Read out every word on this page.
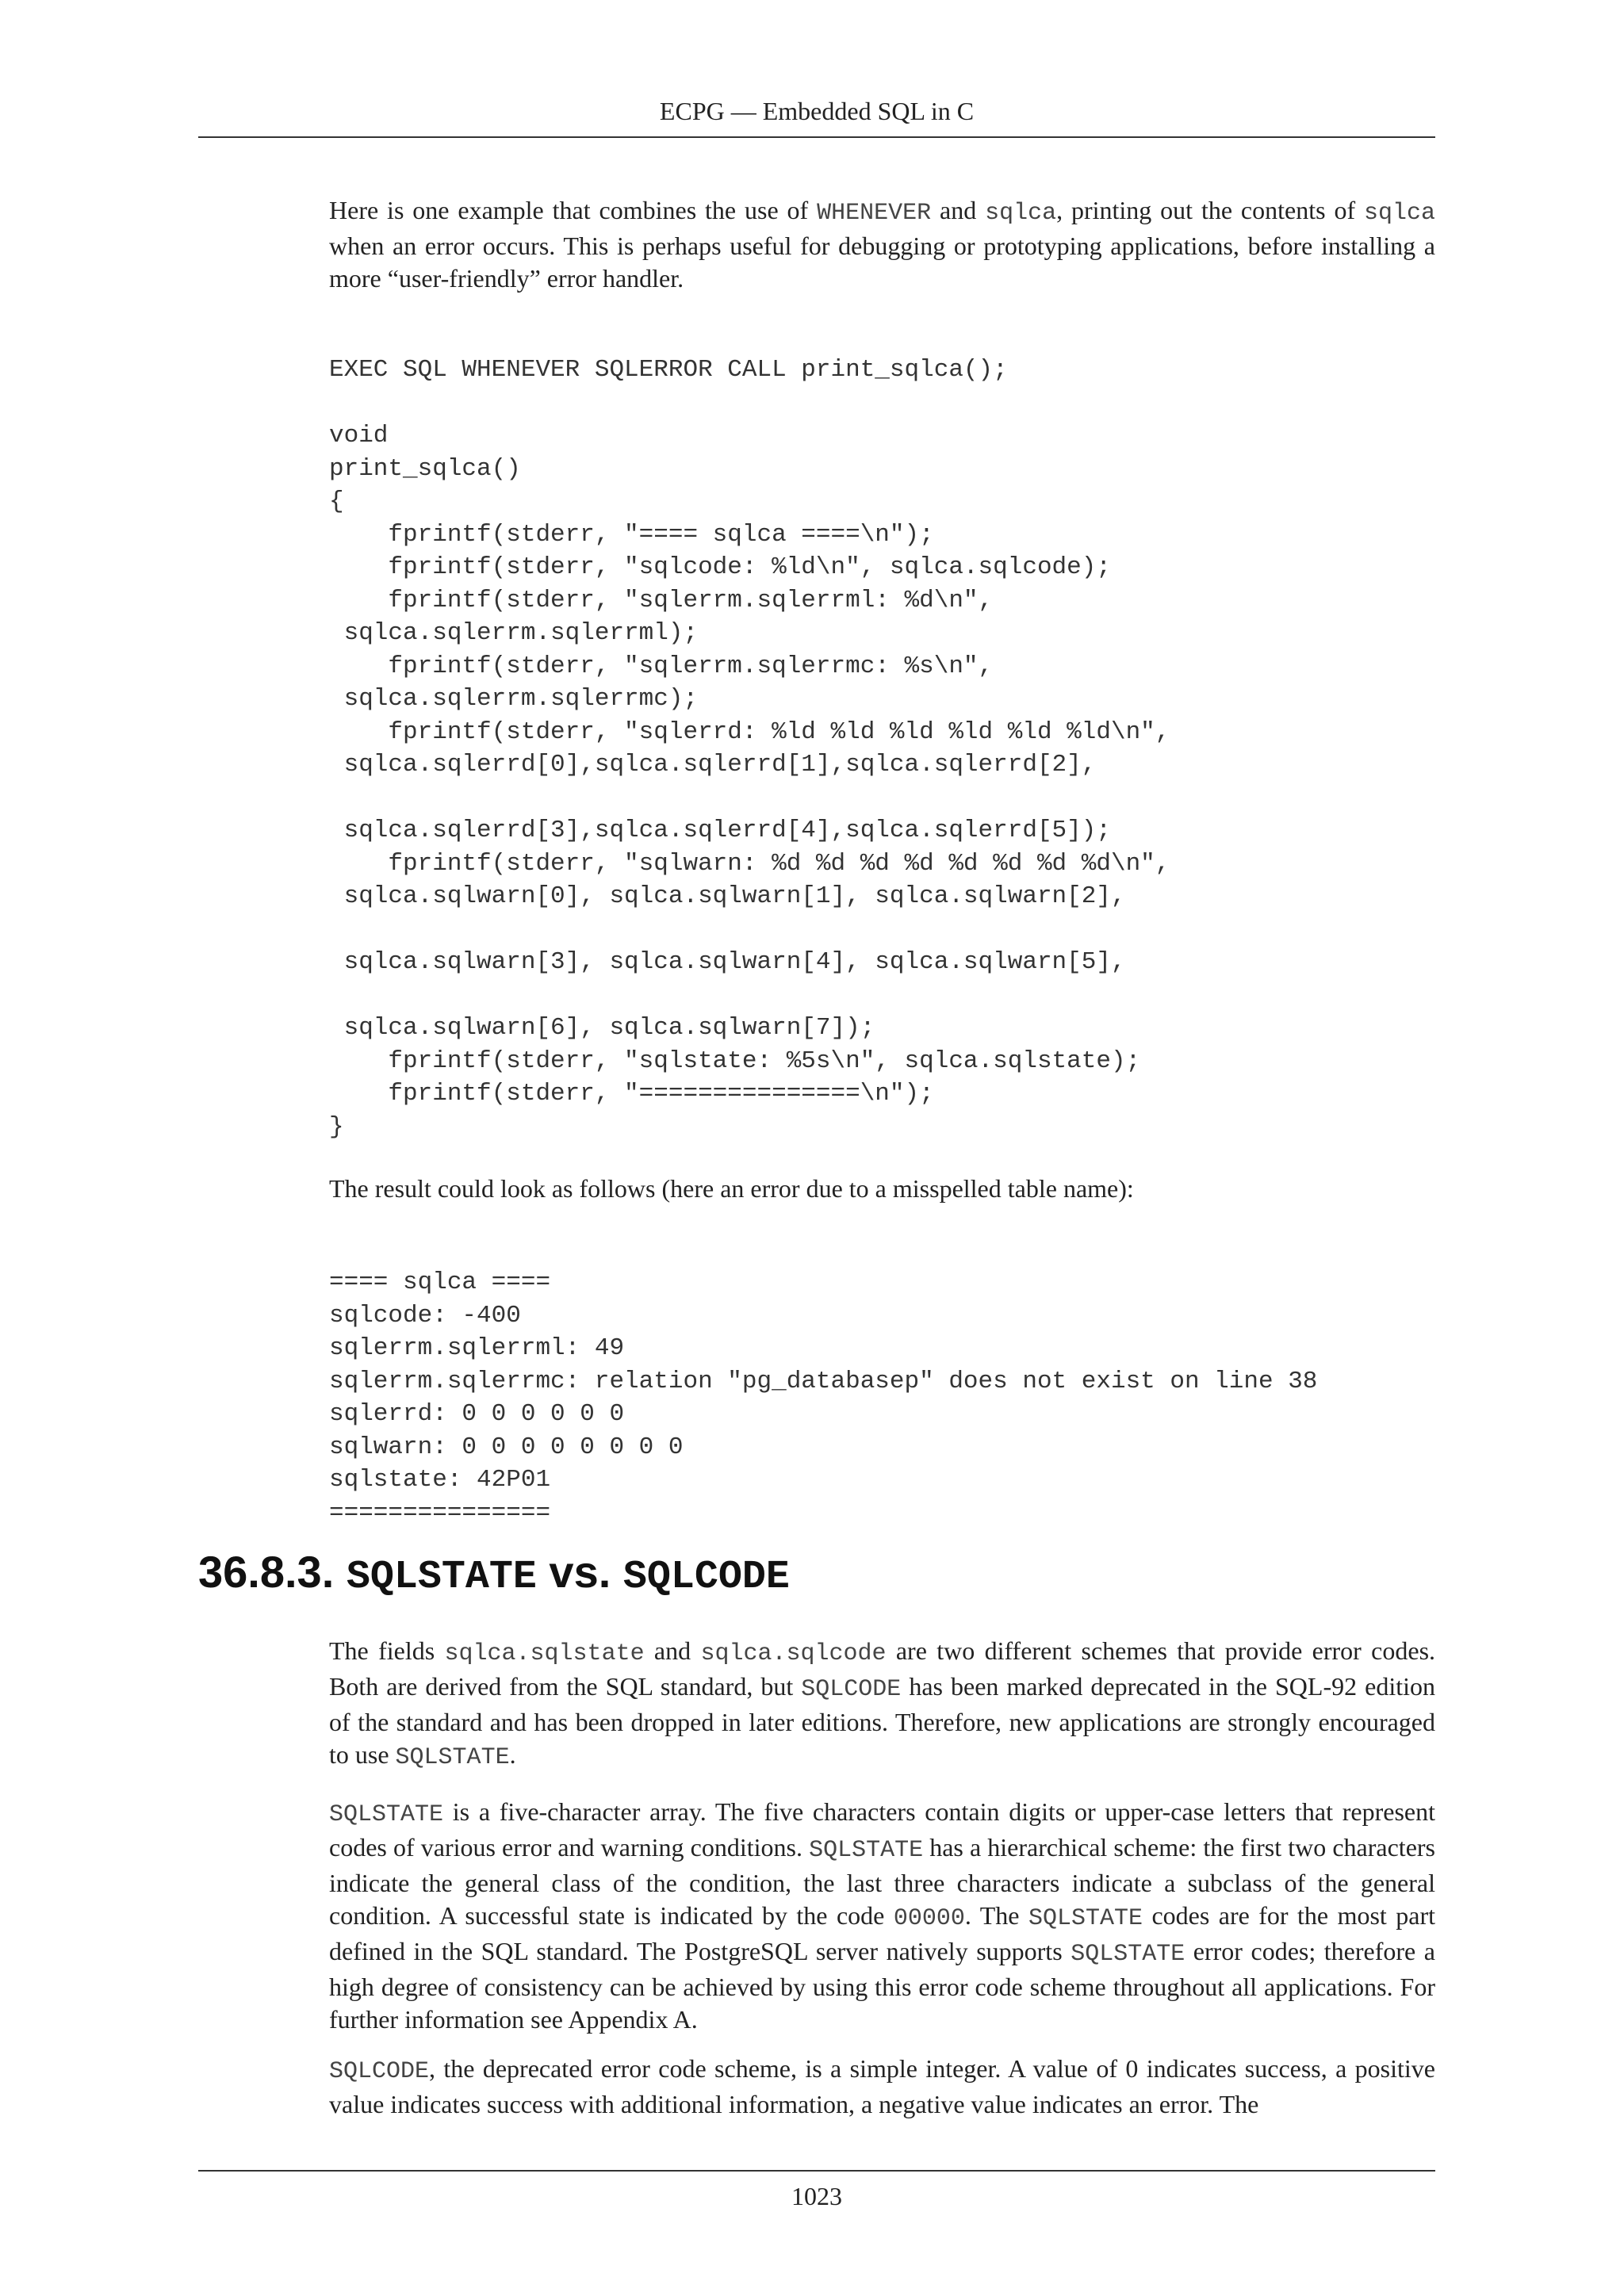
ECPG — Embedded SQL in C

Here is one example that combines the use of WHENEVER and sqlca, printing out the contents of sqlca when an error occurs. This is perhaps useful for debugging or prototyping applications, before installing a more “user-friendly” error handler.

EXEC SQL WHENEVER SQLERROR CALL print_sqlca();

void
print_sqlca()
{
fprintf(stderr, "==== sqlca ====\n");
fprintf(stderr, "sqlcode: %ld\n", sqlca.sqlcode);
fprintf(stderr, "sqlerrm.sqlerrml: %d\n",
sqlca.sqlerrm.sqlerrml);
fprintf(stderr, "sqlerrm.sqlerrmc: %s\n",
sqlca.sqlerrm.sqlerrmc);
fprintf(stderr, "sqlerrd: %ld %ld %ld %ld %ld %ld\n",
sqlca.sqlerrd[0],sqlca.sqlerrd[1],sqlca.sqlerrd[2],

sqlca.sqlerrd[3],sqlca.sqlerrd[4],sqlca.sqlerrd[5]);
fprintf(stderr, "sqlwarn: %d %d %d %d %d %d %d %d\n",
sqlca.sqlwarn[0], sqlca.sqlwarn[1], sqlca.sqlwarn[2],

sqlca.sqlwarn[3], sqlca.sqlwarn[4], sqlca.sqlwarn[5],

sqlca.sqlwarn[6], sqlca.sqlwarn[7]);
fprintf(stderr, "sqlstate: %5s\n", sqlca.sqlstate);
fprintf(stderr, "===============\n");
}

The result could look as follows (here an error due to a misspelled table name):

==== sqlca ====
sqlcode: -400
sqlerrm.sqlerrml: 49
sqlerrm.sqlerrmc: relation "pg_databasep" does not exist on line 38
sqlerrd: 0 0 0 0 0 0
sqlwarn: 0 0 0 0 0 0 0 0
sqlstate: 42P01
===============
36.8.3. SQLSTATE vs. SQLCODE

The fields sqlca.sqlstate and sqlca.sqlcode are two different schemes that provide error codes. Both are derived from the SQL standard, but SQLCODE has been marked deprecated in the SQL-92 edition of the standard and has been dropped in later editions. Therefore, new applications are strongly encouraged to use SQLSTATE.

SQLSTATE is a five-character array. The five characters contain digits or upper-case letters that represent codes of various error and warning conditions. SQLSTATE has a hierarchical scheme: the first two characters indicate the general class of the condition, the last three characters indicate a subclass of the general condition. A successful state is indicated by the code 00000. The SQLSTATE codes are for the most part defined in the SQL standard. The PostgreSQL server natively supports SQLSTATE error codes; therefore a high degree of consistency can be achieved by using this error code scheme throughout all applications. For further information see Appendix A.

SQLCODE, the deprecated error code scheme, is a simple integer. A value of 0 indicates success, a positive value indicates success with additional information, a negative value indicates an error. The

1023
